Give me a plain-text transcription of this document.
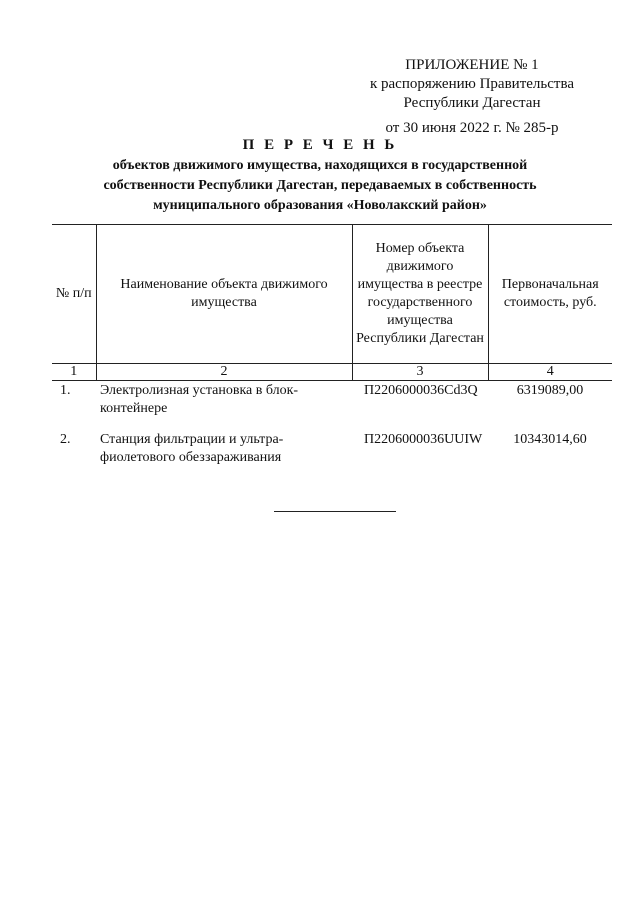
ПРИЛОЖЕНИЕ № 1
к распоряжению Правительства
Республики Дагестан
от 30 июня 2022 г. № 285-р
П Е Р Е Ч Е Н Ь
объектов движимого имущества, находящихся в государственной
собственности Республики Дагестан, передаваемых в собственность
муниципального образования «Новолакский район»
№ п/п	Наименование объекта движимого имущества	Номер объекта движимого имущества в реестре государственного имущества Республики Дагестан	Первоначальная стоимость, руб.
1	2	3	4
1.	Электролизная установка в блок-контейнере	П2206000036Cd3Q	6319089,00
2.	Станция фильтрации и ультра-фиолетового обеззараживания	П2206000036UUIW	10343014,60
